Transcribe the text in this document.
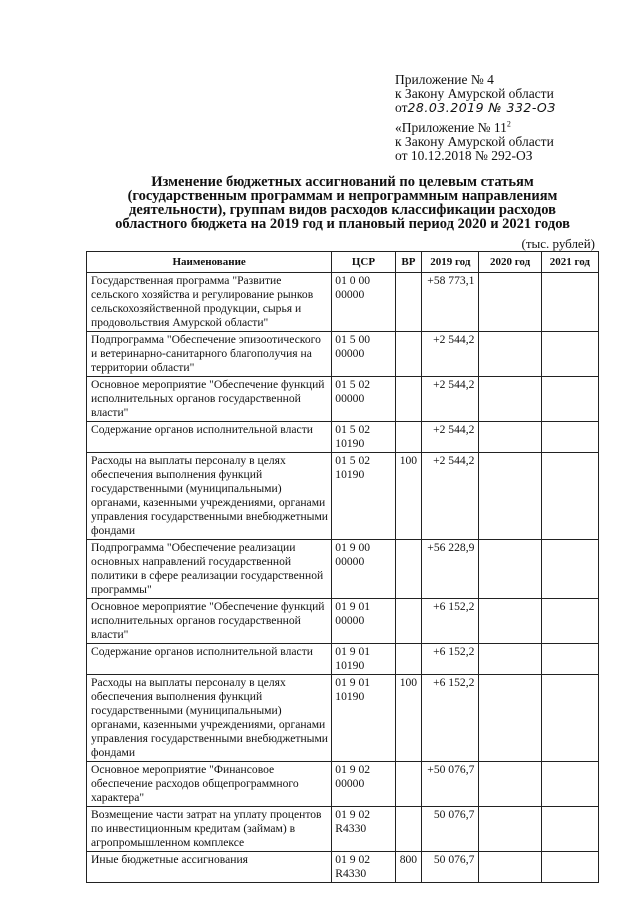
Приложение № 4
к Закону Амурской области
от28.03.2019 № 332-ОЗ
«Приложение № $11^2$
к Закону Амурской области
от 10.12.2018 № 292-ОЗ
Изменение бюджетных ассигнований по целевым статьям
(государственным программам и непрограммным направлениям
деятельности), группам видов расходов классификации расходов
областного бюджета на 2019 год и плановый период 2020 и 2021 годов
(тыс. рублей)
Наименование	ЦСР	ВР	2019 год	2020 год	2021 год
Государственная программа "Развитие сельского хозяйства и регулирование рынков сельскохозяйственной продукции, сырья и продовольствия Амурской области"	01 0 00 00000		+58 773,1		
Подпрограмма "Обеспечение эпизоотического и ветеринарно-санитарного благополучия на территории области"	01 5 00 00000		+2 544,2		
Основное мероприятие "Обеспечение функций исполнительных органов государственной власти"	01 5 02 00000		+2 544,2		
Содержание органов исполнительной власти	01 5 02 10190		+2 544,2		
Расходы на выплаты персоналу в целях обеспечения выполнения функций государственными (муниципальными) органами, казенными учреждениями, органами управления государственными внебюджетными фондами	01 5 02 10190	100	+2 544,2		
Подпрограмма "Обеспечение реализации основных направлений государственной политики в сфере реализации государственной программы"	01 9 00 00000		+56 228,9		
Основное мероприятие "Обеспечение функций исполнительных органов государственной власти"	01 9 01 00000		+6 152,2		
Содержание органов исполнительной власти	01 9 01 10190		+6 152,2		
Расходы на выплаты персоналу в целях обеспечения выполнения функций государственными (муниципальными) органами, казенными учреждениями, органами управления государственными внебюджетными фондами	01 9 01 10190	100	+6 152,2		
Основное мероприятие "Финансовое обеспечение расходов общепрограммного характера"	01 9 02 00000		+50 076,7		
Возмещение части затрат на уплату процентов по инвестиционным кредитам (займам) в агропромышленном комплексе	01 9 02 R4330		50 076,7		
Иные бюджетные ассигнования	01 9 02 R4330	800	50 076,7		
